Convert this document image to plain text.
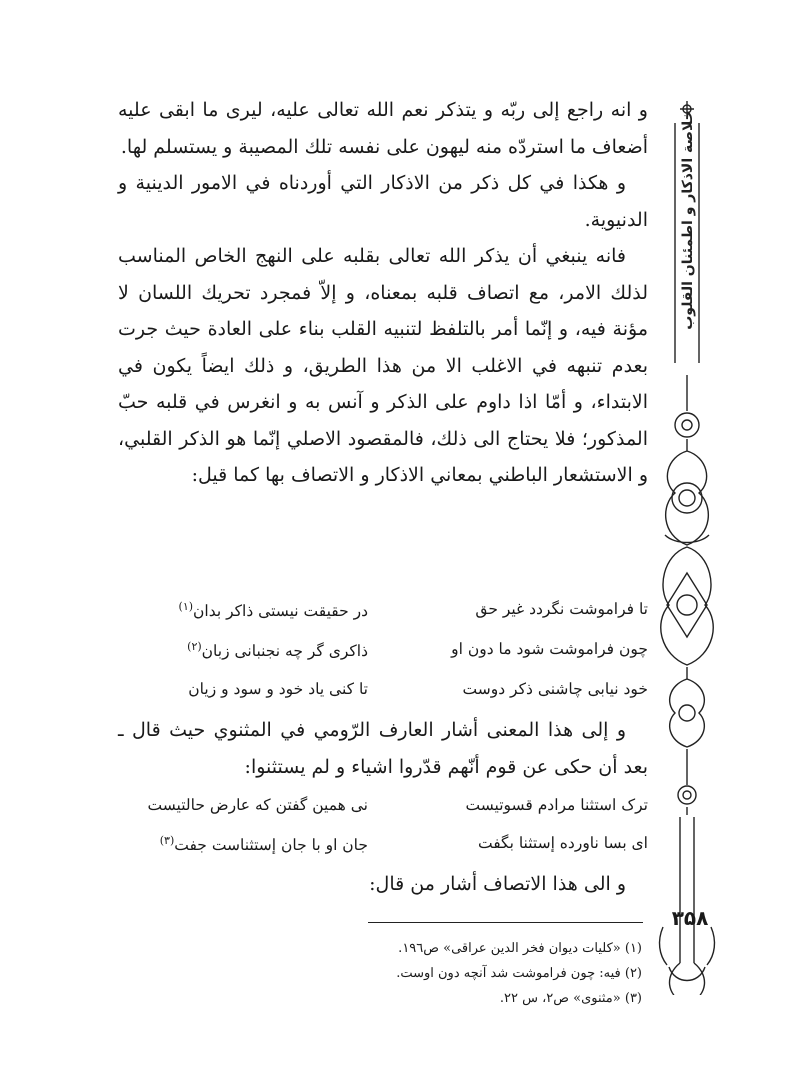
خلاصة الاذكار و اطمئنان القلوب

و انه راجع إلى ربّه و يتذكر نعم الله تعالى عليه، ليرى ما ابقى عليه أضعاف ما استردّه منه ليهون على نفسه تلك المصيبة و يستسلم لها.

و هكذا في كل ذكر من الاذكار التي أوردناه في الامور الدينية و الدنيوية.

فانه ينبغي أن يذكر الله تعالى بقلبه على النهج الخاص المناسب لذلك الامر، مع اتصاف قلبه بمعناه، و إلاّ فمجرد تحريك اللسان لا مؤنة فيه، و إنّما أمر بالتلفظ لتنبيه القلب بناء على العادة حيث جرت بعدم تنبهه في الاغلب الا من هذا الطريق، و ذلك ايضاً يكون في الابتداء، و أمّا اذا داوم على الذكر و آنس به و انغرس في قلبه حبّ المذكور؛ فلا يحتاج الى ذلك، فالمقصود الاصلي إنّما هو الذكر القلبي، و الاستشعار الباطني بمعاني الاذكار و الاتصاف بها كما قيل:

تا فراموشت نگردد غیر حق
در حقیقت نیستی ذاکر بدان$^{(۱)}$
چون فراموشت شود ما دون او
ذاکری گر چه نجنبانی زبان$^{(۲)}$
خود نیابی چاشنی ذکر دوست
تا کنی یاد خود و سود و زیان

و إلى هذا المعنى أشار العارف الرّومي في المثنوي حيث قال ـ بعد أن حكى عن قوم أنّهم قدّروا اشياء و لم يستثنوا:

ترک استثنا مرادم قسوتیست
نی همین گفتن که عارض حالتیست
ای بسا ناورده إستثنا بگفت
جان او با جان إستثناست جفت$^{(۳)}$

و الى هذا الاتصاف أشار من قال:

۳۵۸
(۱) «کلیات دیوان فخر الدین عراقی» ص۱۹٦.
(۲) فیه: چون فراموشت شد آنچه دون اوست.
(۳) «مثنوی» ص۲، س ۲۲.
